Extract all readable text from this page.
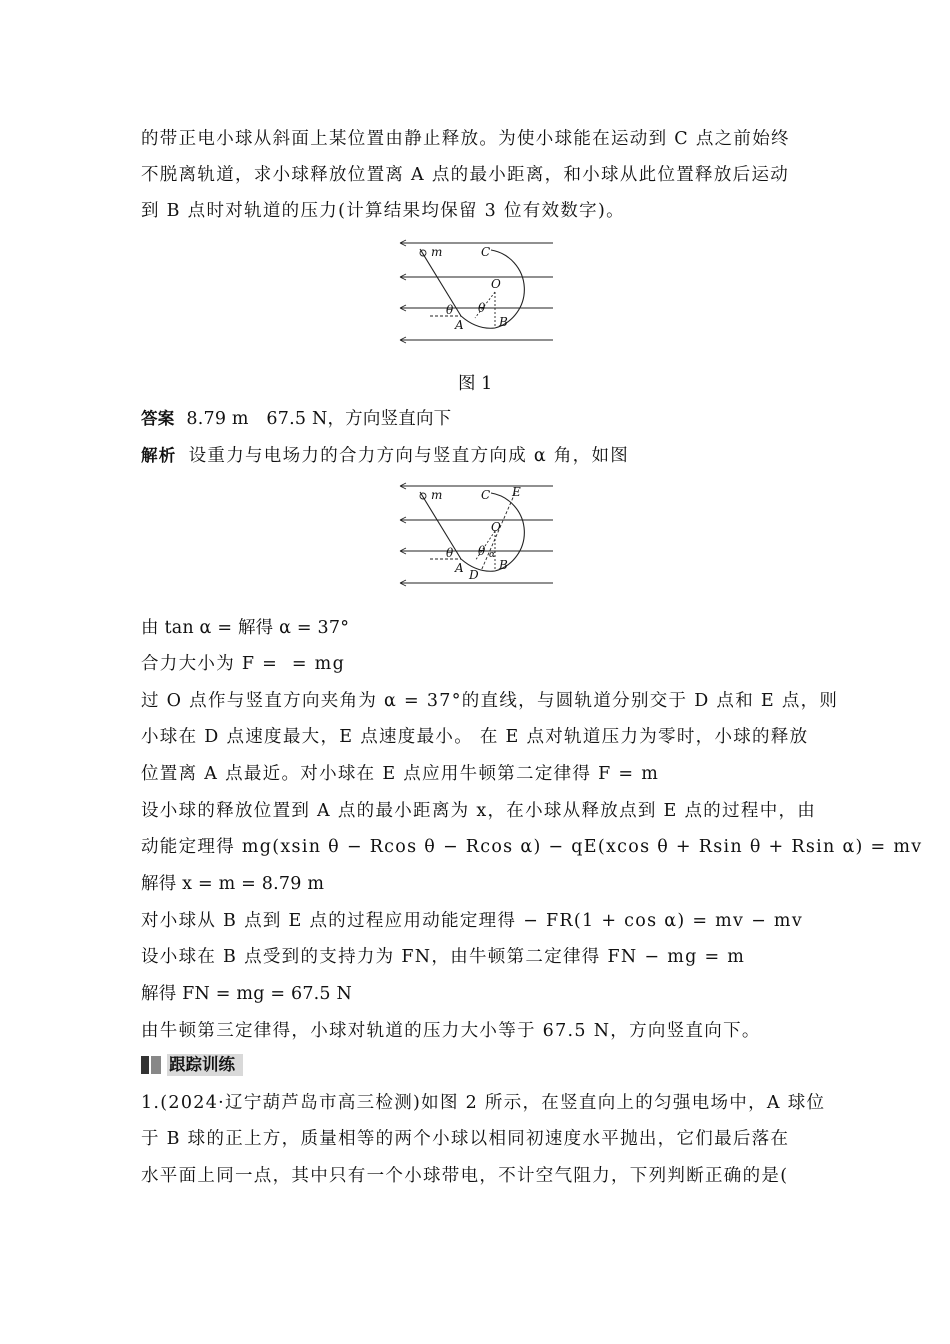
的带正电小球从斜面上某位置由静止释放。为使小球能在运动到 C 点之前始终
不脱离轨道，求小球释放位置离 A 点的最小距离，和小球从此位置释放后运动
到 B 点时对轨道的压力(计算结果均保留 3 位有效数字)。
m	C
O
θ θ
A	B
图 1
答案 8.79 m　67.5 N，方向竖直向下
解析 设重力与电场力的合力方向与竖直方向成 α 角，如图
m	C E
O
θ θ α
A D
B
由 tan α = 解得 α = 37°
合力大小为 F = ​ = mg
过 O 点作与竖直方向夹角为 α = 37°的直线，与圆轨道分别交于 D 点和 E 点，则
小球在 D 点速度最大，E 点速度最小。 在 E 点对轨道压力为零时，小球的释放
位置离 A 点最近。对小球在 E 点应用牛顿第二定律得 F = m
设小球的释放位置到 A 点的最小距离为 x，在小球从释放点到 E 点的过程中，由
动能定理得 mg(xsin θ − Rcos θ − Rcos α) − qE(xcos θ + Rsin θ + Rsin α) = mv
解得 x = m = 8.79 m
对小球从 B 点到 E 点的过程应用动能定理得 − FR(1 + cos α) = mv − mv
设小球在 B 点受到的支持力为 FN，由牛顿第二定律得 FN − mg = m
解得 FN = mg = 67.5 N
由牛顿第三定律得，小球对轨道的压力大小等于 67.5 N，方向竖直向下。
跟踪训练
1.(2024·辽宁葫芦岛市高三检测)如图 2 所示，在竖直向上的匀强电场中，A 球位
于 B 球的正上方，质量相等的两个小球以相同初速度水平抛出，它们最后落在
水平面上同一点，其中只有一个小球带电，不计空气阻力，下列判断正确的是(
